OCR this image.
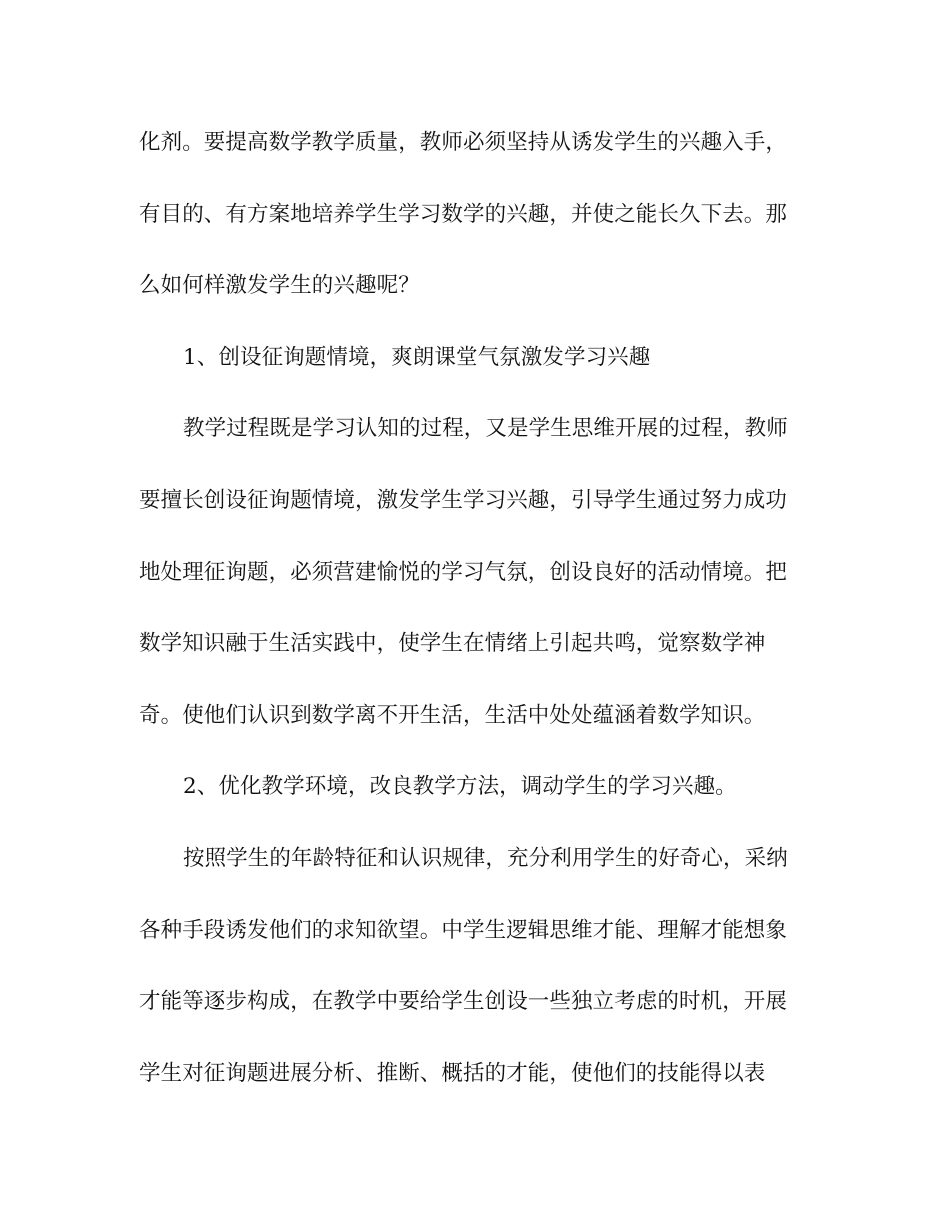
化剂。要提高数学教学质量，教师必须坚持从诱发学生的兴趣入手，
有目的、有方案地培养学生学习数学的兴趣，并使之能长久下去。那
么如何样激发学生的兴趣呢？
1、创设征询题情境，爽朗课堂气氛激发学习兴趣
教学过程既是学习认知的过程，又是学生思维开展的过程，教师
要擅长创设征询题情境，激发学生学习兴趣，引导学生通过努力成功
地处理征询题，必须营建愉悦的学习气氛，创设良好的活动情境。把
数学知识融于生活实践中，使学生在情绪上引起共鸣，觉察数学神
奇。使他们认识到数学离不开生活，生活中处处蕴涵着数学知识。
2、优化教学环境，改良教学方法，调动学生的学习兴趣。
按照学生的年龄特征和认识规律，充分利用学生的好奇心，采纳
各种手段诱发他们的求知欲望。中学生逻辑思维才能、理解才能想象
才能等逐步构成，在教学中要给学生创设一些独立考虑的时机，开展
学生对征询题进展分析、推断、概括的才能，使他们的技能得以表
